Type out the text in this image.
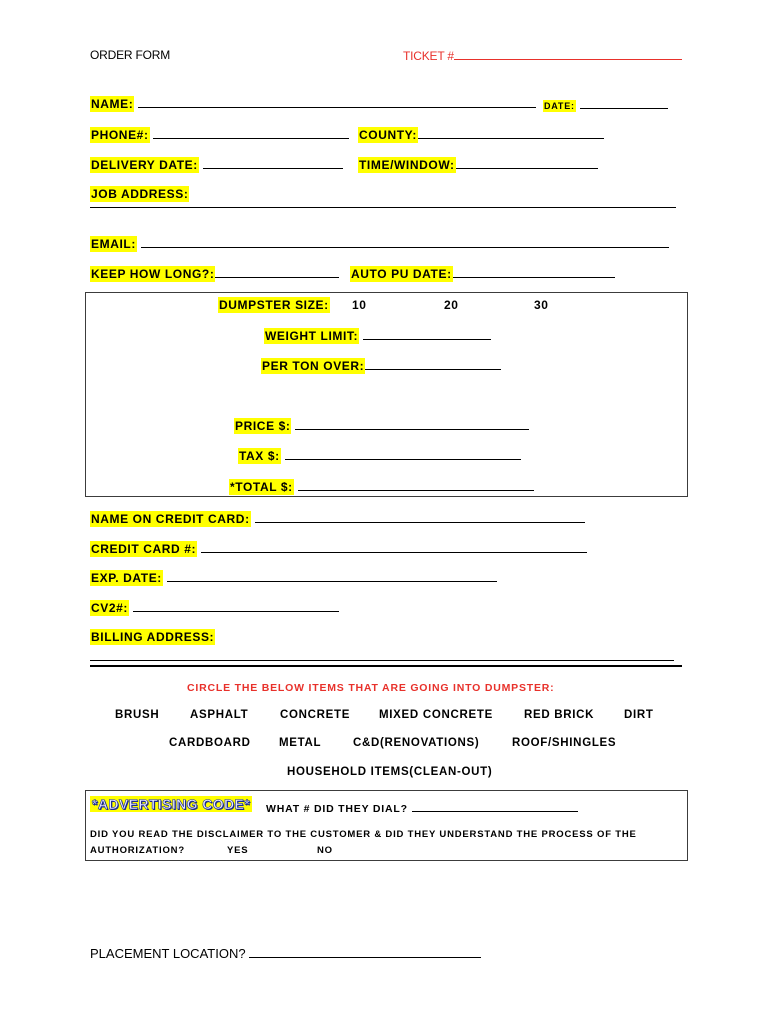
ORDER FORM	TICKET #
NAME:	DATE:
PHONE#:	COUNTY:
DELIVERY DATE:	TIME/WINDOW:
JOB ADDRESS:
EMAIL:
KEEP HOW LONG?:	AUTO PU DATE:
DUMPSTER SIZE: 10	20	30
WEIGHT LIMIT:
PER TON OVER:
PRICE $:
TAX $:
*TOTAL $:
NAME ON CREDIT CARD:
CREDIT CARD #:
EXP. DATE:
CV2#:
BILLING ADDRESS:
CIRCLE THE BELOW ITEMS THAT ARE GOING INTO DUMPSTER:
BRUSH	ASPHALT	CONCRETE	MIXED CONCRETE	RED BRICK	DIRT
CARDBOARD METAL	C&D(RENOVATIONS)	ROOF/SHINGLES
HOUSEHOLD ITEMS(CLEAN-OUT)
*ADVERTISING CODE* WHAT # DID THEY DIAL?
DID YOU READ THE DISCLAIMER TO THE CUSTOMER & DID THEY UNDERSTAND THE PROCESS OF THE
AUTHORIZATION?	YES	NO
PLACEMENT LOCATION?
